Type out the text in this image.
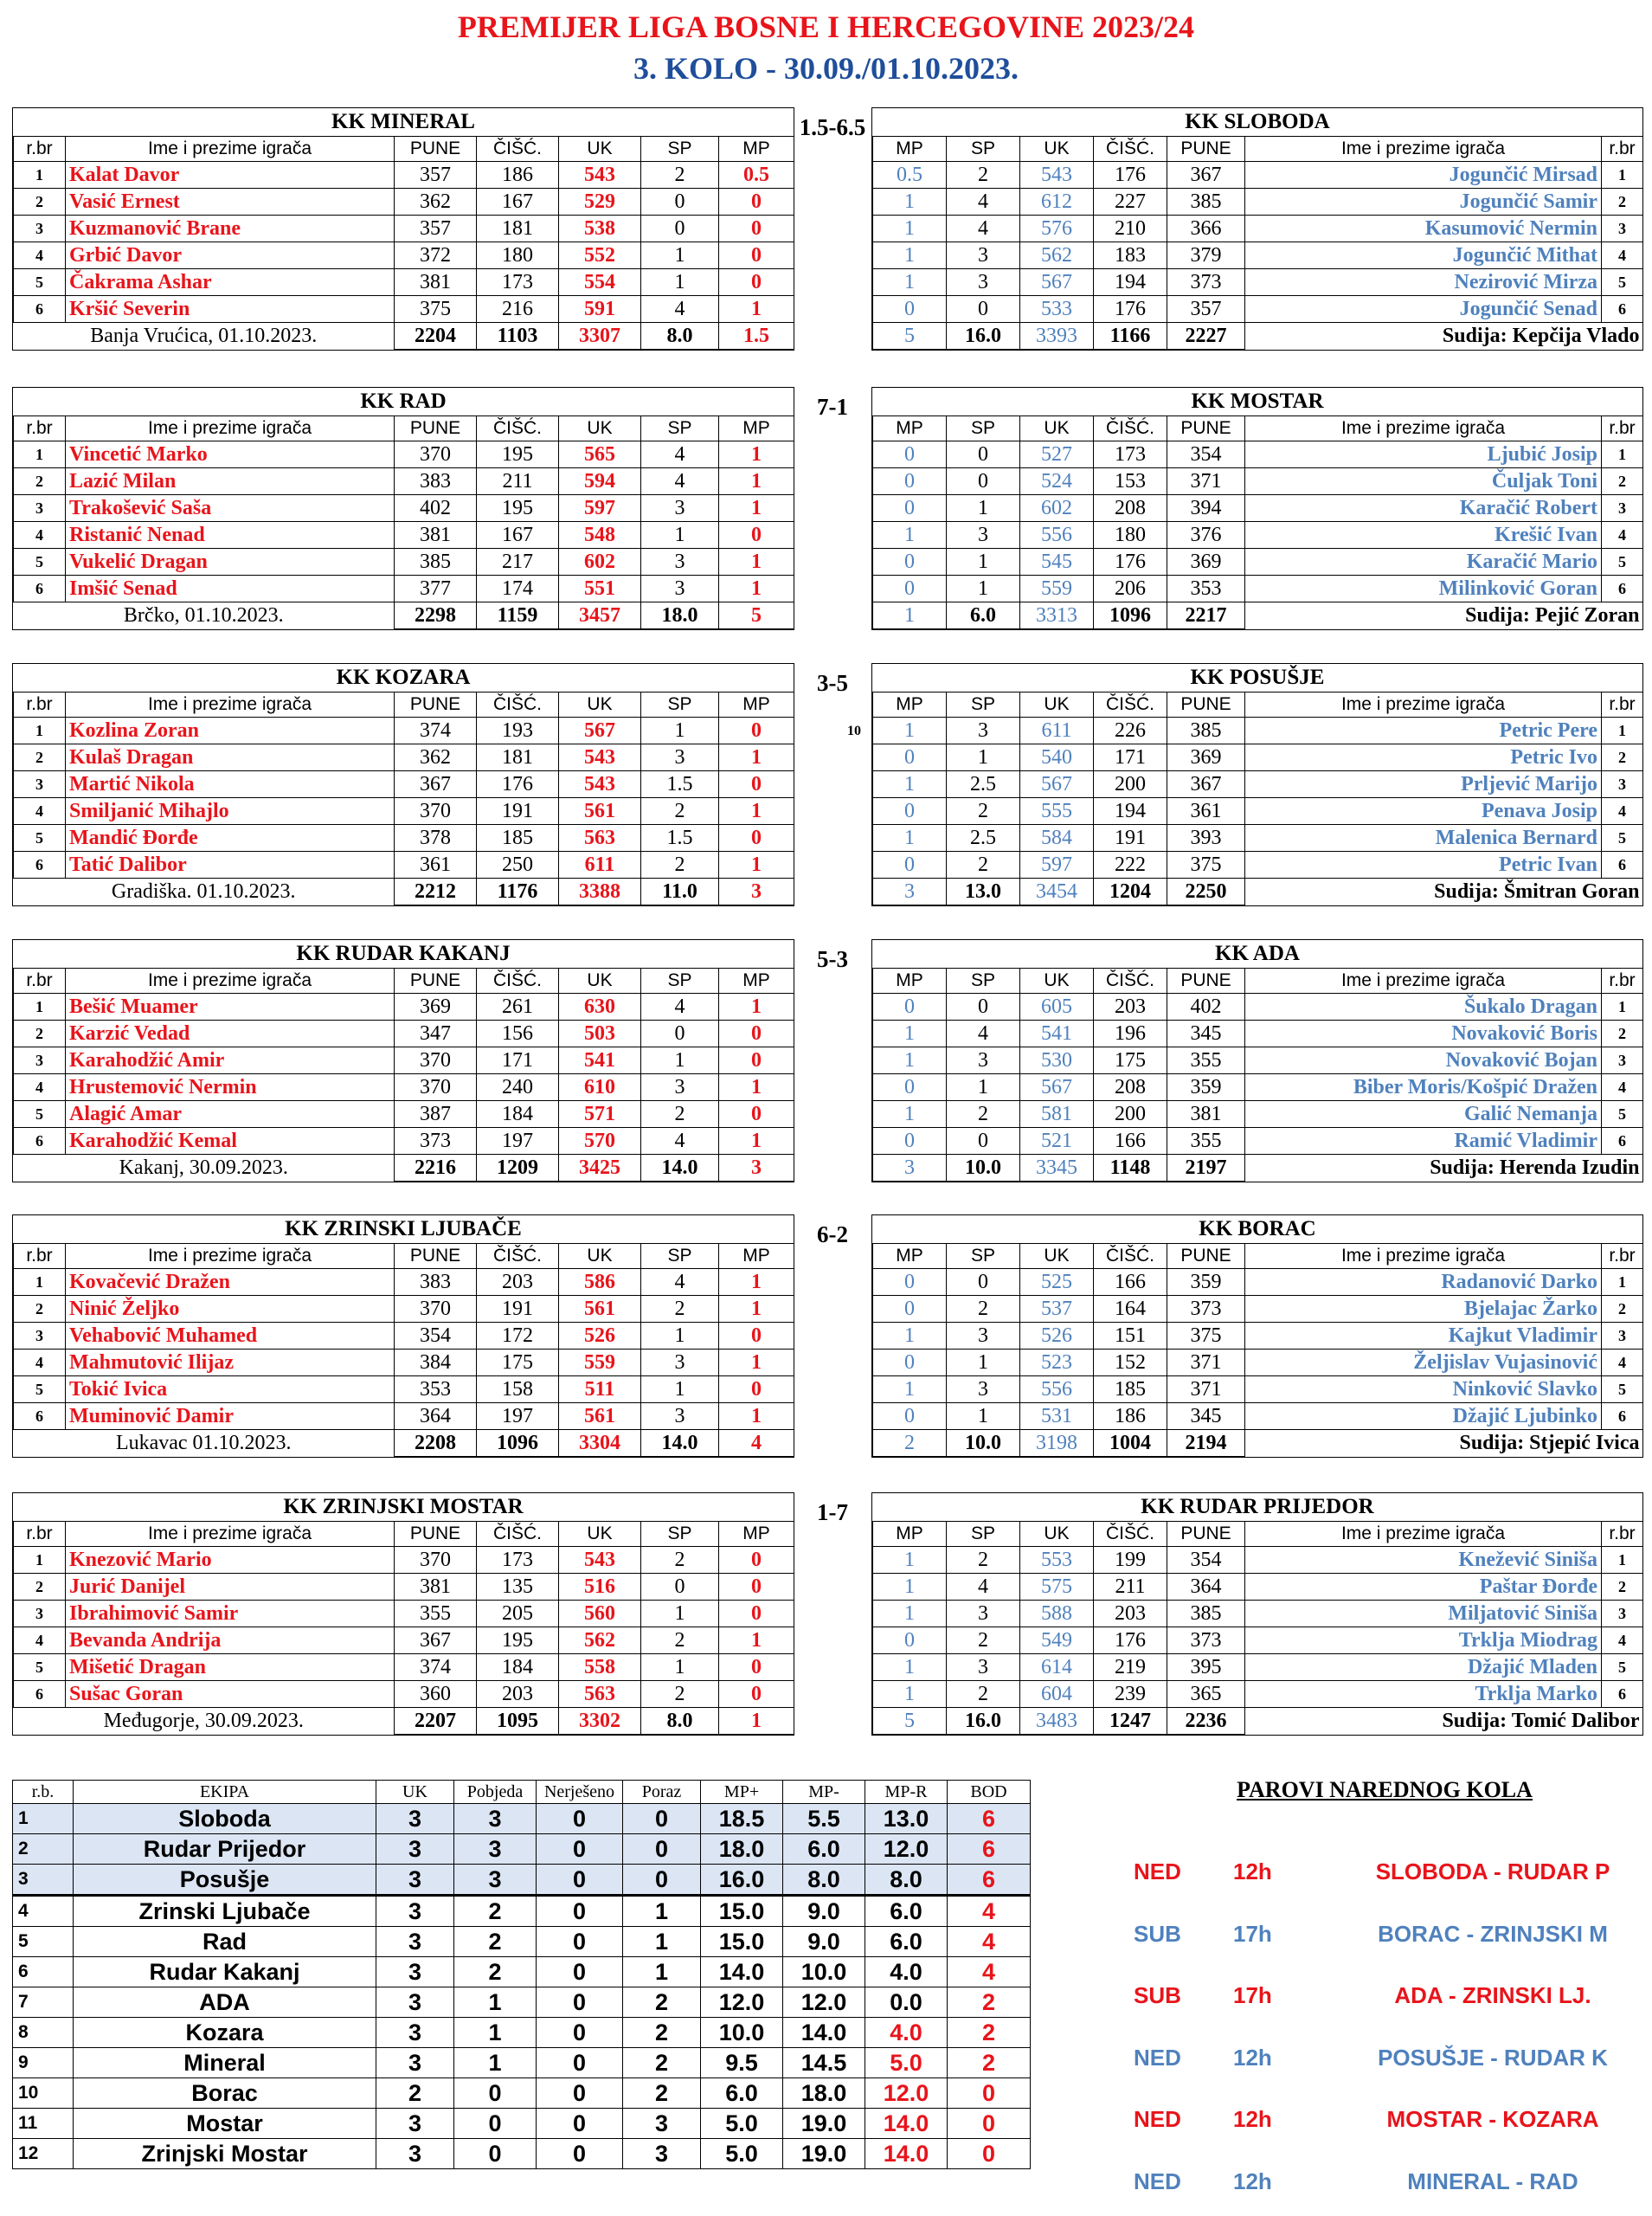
PREMIJER LIGA BOSNE I HERCEGOVINE 2023/24
3. KOLO - 30.09./01.10.2023.
KK MINERAL
r.br	Ime i prezime igrača	PUNE	ČIŠĆ.	UK	SP	MP
1	Kalat Davor	357	186	543	2	0.5
2	Vasić Ernest	362	167	529	0	0
3	Kuzmanović Brane	357	181	538	0	0
4	Grbić Davor	372	180	552	1	0
5	Čakrama Ashar	381	173	554	1	0
6	Kršić Severin	375	216	591	4	1
Banja Vrućica, 01.10.2023.		2204	1103	3307	8.0	1.5
1.5-6.5	KK SLOBODA
MP	SP	UK	ČIŠĆ.	PUNE	Ime i prezime igrača	r.br
0.5	2	543	176	367	Jogunčić Mirsad	1
1	4	612	227	385	Jogunčić Samir	2
1	4	576	210	366	Kasumović Nermin	3
1	3	562	183	379	Jogunčić Mithat	4
1	3	567	194	373	Nezirović Mirza	5
0	0	533	176	357	Jogunčić Senad	6
5	16.0	3393	1166	2227	Sudija: Kepčija Vlado	
KK RAD
r.br	Ime i prezime igrača	PUNE	ČIŠĆ.	UK	SP	MP
1	Vincetić Marko	370	195	565	4	1
2	Lazić Milan	383	211	594	4	1
3	Trakošević Saša	402	195	597	3	1
4	Ristanić Nenad	381	167	548	1	0
5	Vukelić Dragan	385	217	602	3	1
6	Imšić Senad	377	174	551	3	1
Brčko, 01.10.2023.		2298	1159	3457	18.0	5
7-1	KK MOSTAR
MP	SP	UK	ČIŠĆ.	PUNE	Ime i prezime igrača	r.br
0	0	527	173	354	Ljubić Josip	1
0	0	524	153	371	Čuljak Toni	2
0	1	602	208	394	Karačić Robert	3
1	3	556	180	376	Krešić Ivan	4
0	1	545	176	369	Karačić Mario	5
0	1	559	206	353	Milinković Goran	6
1	6.0	3313	1096	2217	Sudija: Pejić Zoran	
KK KOZARA
r.br	Ime i prezime igrača	PUNE	ČIŠĆ.	UK	SP	MP
1	Kozlina Zoran	374	193	567	1	0
2	Kulaš Dragan	362	181	543	3	1
3	Martić Nikola	367	176	543	1.5	0
4	Smiljanić Mihajlo	370	191	561	2	1
5	Mandić Đorđe	378	185	563	1.5	0
6	Tatić Dalibor	361	250	611	2	1
Gradiška. 01.10.2023.		2212	1176	3388	11.0	3
3-5
10
KK POSUŠJE
MP	SP	UK	ČIŠĆ.	PUNE	Ime i prezime igrača	r.br
1	3	611	226	385	Petric Pere	1
0	1	540	171	369	Petric Ivo	2
1	2.5	567	200	367	Prljević Marijo	3
0	2	555	194	361	Penava Josip	4
1	2.5	584	191	393	Malenica Bernard	5
0	2	597	222	375	Petric Ivan	6
3	13.0	3454	1204	2250	Sudija: Šmitran Goran	
KK RUDAR KAKANJ
r.br	Ime i prezime igrača	PUNE	ČIŠĆ.	UK	SP	MP
1	Bešić Muamer	369	261	630	4	1
2	Karzić Vedad	347	156	503	0	0
3	Karahodžić Amir	370	171	541	1	0
4	Hrustemović Nermin	370	240	610	3	1
5	Alagić Amar	387	184	571	2	0
6	Karahodžić Kemal	373	197	570	4	1
Kakanj, 30.09.2023.		2216	1209	3425	14.0	3
5-3	KK ADA
MP	SP	UK	ČIŠĆ.	PUNE	Ime i prezime igrača	r.br
0	0	605	203	402	Šukalo Dragan	1
1	4	541	196	345	Novaković Boris	2
1	3	530	175	355	Novaković Bojan	3
0	1	567	208	359	Biber Moris/Košpić Dražen	4
1	2	581	200	381	Galić Nemanja	5
0	0	521	166	355	Ramić Vladimir	6
3	10.0	3345	1148	2197	Sudija: Herenda Izudin	
KK ZRINSKI LJUBAČE
r.br	Ime i prezime igrača	PUNE	ČIŠĆ.	UK	SP	MP
1	Kovačević Dražen	383	203	586	4	1
2	Ninić Željko	370	191	561	2	1
3	Vehabović Muhamed	354	172	526	1	0
4	Mahmutović Ilijaz	384	175	559	3	1
5	Tokić Ivica	353	158	511	1	0
6	Muminović Damir	364	197	561	3	1
Lukavac 01.10.2023.		2208	1096	3304	14.0	4
6-2	KK BORAC
MP	SP	UK	ČIŠĆ.	PUNE	Ime i prezime igrača	r.br
0	0	525	166	359	Radanović Darko	1
0	2	537	164	373	Bjelajac Žarko	2
1	3	526	151	375	Kajkut Vladimir	3
0	1	523	152	371	Željislav Vujasinović	4
1	3	556	185	371	Ninković Slavko	5
0	1	531	186	345	Džajić Ljubinko	6
2	10.0	3198	1004	2194	Sudija: Stjepić Ivica	
KK ZRINJSKI MOSTAR
r.br	Ime i prezime igrača	PUNE	ČIŠĆ.	UK	SP	MP
1	Knezović Mario	370	173	543	2	0
2	Jurić Danijel	381	135	516	0	0
3	Ibrahimović Samir	355	205	560	1	0
4	Bevanda Andrija	367	195	562	2	1
5	Mišetić Dragan	374	184	558	1	0
6	Sušac Goran	360	203	563	2	0
Međugorje, 30.09.2023.		2207	1095	3302	8.0	1
1-7	KK RUDAR PRIJEDOR
MP	SP	UK	ČIŠĆ.	PUNE	Ime i prezime igrača	r.br
1	2	553	199	354	Knežević Siniša	1
1	4	575	211	364	Paštar Đorđe	2
1	3	588	203	385	Miljatović Siniša	3
0	2	549	176	373	Trklja Miodrag	4
1	3	614	219	395	Džajić Mladen	5
1	2	604	239	365	Trklja Marko	6
5	16.0	3483	1247	2236	Sudija: Tomić Dalibor	
r.b.	EKIPA	UK	Pobjeda	Nerješeno	Poraz	MP+	MP-	MP-R	BOD
1	Sloboda	3	3	0	0	18.5	5.5	13.0	6
2	Rudar Prijedor	3	3	0	0	18.0	6.0	12.0	6
3	Posušje	3	3	0	0	16.0	8.0	8.0	6
4	Zrinski Ljubače	3	2	0	1	15.0	9.0	6.0	4
5	Rad	3	2	0	1	15.0	9.0	6.0	4
6	Rudar Kakanj	3	2	0	1	14.0	10.0	4.0	4
7	ADA	3	1	0	2	12.0	12.0	0.0	2
8	Kozara	3	1	0	2	10.0	14.0	4.0	2
9	Mineral	3	1	0	2	9.5	14.5	5.0	2
10	Borac	2	0	0	2	6.0	18.0	12.0	0
11	Mostar	3	0	0	3	5.0	19.0	14.0	0
12	Zrinjski Mostar	3	0	0	3	5.0	19.0	14.0	0
PAROVI NAREDNOG KOLA
NED 12h	SLOBODA - RUDAR P
SUB 17h	BORAC - ZRINJSKI M
SUB 17h	ADA - ZRINSKI LJ.
NED 12h	POSUŠJE - RUDAR K
NED 12h	MOSTAR - KOZARA
NED 12h	MINERAL - RAD
